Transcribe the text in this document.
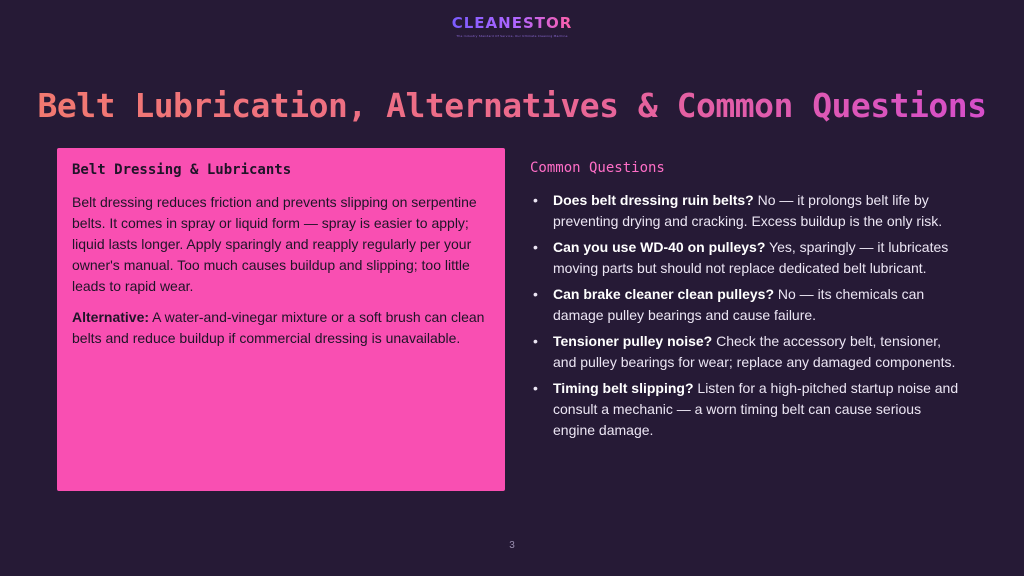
CLEANESTOR
The Industry Standard Of Service, Our Ultimate Cleaning Machine
Belt Lubrication, Alternatives & Common Questions
Belt Dressing & Lubricants

Belt dressing reduces friction and prevents slipping on serpentine belts. It comes in spray or liquid form — spray is easier to apply; liquid lasts longer. Apply sparingly and reapply regularly per your owner's manual. Too much causes buildup and slipping; too little leads to rapid wear.

Alternative: A water-and-vinegar mixture or a soft brush can clean belts and reduce buildup if commercial dressing is unavailable.

Common Questions
• Does belt dressing ruin belts? No — it prolongs belt life by preventing drying and cracking. Excess buildup is the only risk.
• Can you use WD-40 on pulleys? Yes, sparingly — it lubricates moving parts but should not replace dedicated belt lubricant.
• Can brake cleaner clean pulleys? No — its chemicals can damage pulley bearings and cause failure.
• Tensioner pulley noise? Check the accessory belt, tensioner, and pulley bearings for wear; replace any damaged components.
• Timing belt slipping? Listen for a high-pitched startup noise and consult a mechanic — a worn timing belt can cause serious engine damage.
3
